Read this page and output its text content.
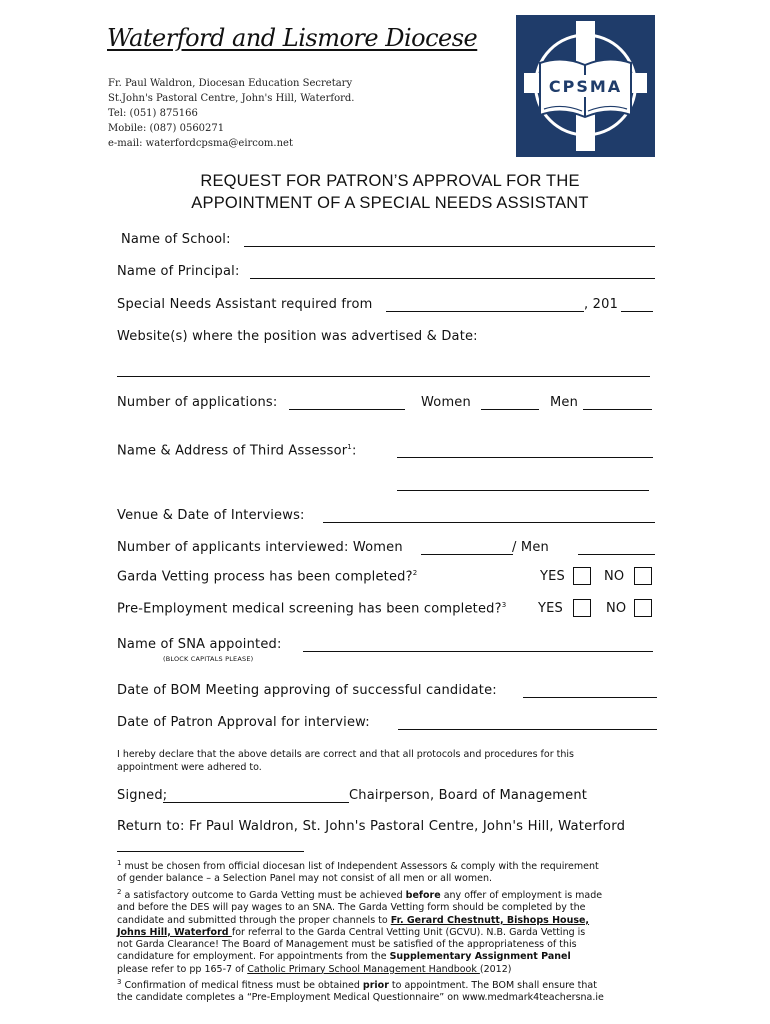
Waterford and Lismore Diocese
Fr. Paul Waldron, Diocesan Education Secretary
St.John's Pastoral Centre, John's Hill, Waterford.
Tel: (051) 875166
Mobile: (087) 0560271
e-mail: waterfordcpsma@eircom.net
CPSMA
REQUEST FOR PATRON’S APPROVAL FOR THE
APPOINTMENT OF A SPECIAL NEEDS ASSISTANT
Name of School:
Name of Principal:
Special Needs Assistant required from	, 201
Website(s) where the position was advertised & Date:
Number of applications:	Women	Men
Name & Address of Third Assessor$^1$:
Venue & Date of Interviews:
Number of applicants interviewed: Women	/ Men
Garda Vetting process has been completed?$^2$	YES	NO
Pre-Employment medical screening has been completed?$^3$ YES	NO
Name of SNA appointed:
(BLOCK CAPITALS PLEASE)
Date of BOM Meeting approving of successful candidate:
Date of Patron Approval for interview:
I hereby declare that the above details are correct and that all protocols and procedures for this
appointment were adhered to.
Signed;	Chairperson, Board of Management
Return to: Fr Paul Waldron, St. John's Pastoral Centre, John's Hill, Waterford
$^1$ must be chosen from official diocesan list of Independent Assessors & comply with the requirement
of gender balance – a Selection Panel may not consist of all men or all women.
$^2$ a satisfactory outcome to Garda Vetting must be achieved before any offer of employment is made
and before the DES will pay wages to an SNA. The Garda Vetting form should be completed by the
candidate and submitted through the proper channels to Fr. Gerard Chestnutt, Bishops House,
Johns Hill, Waterford for referral to the Garda Central Vetting Unit (GCVU). N.B. Garda Vetting is
not Garda Clearance! The Board of Management must be satisfied of the appropriateness of this
candidature for employment. For appointments from the Supplementary Assignment Panel
please refer to pp 165-7 of Catholic Primary School Management Handbook (2012)
$^3$ Confirmation of medical fitness must be obtained prior to appointment. The BOM shall ensure that
the candidate completes a “Pre-Employment Medical Questionnaire” on www.medmark4teachersna.ie
